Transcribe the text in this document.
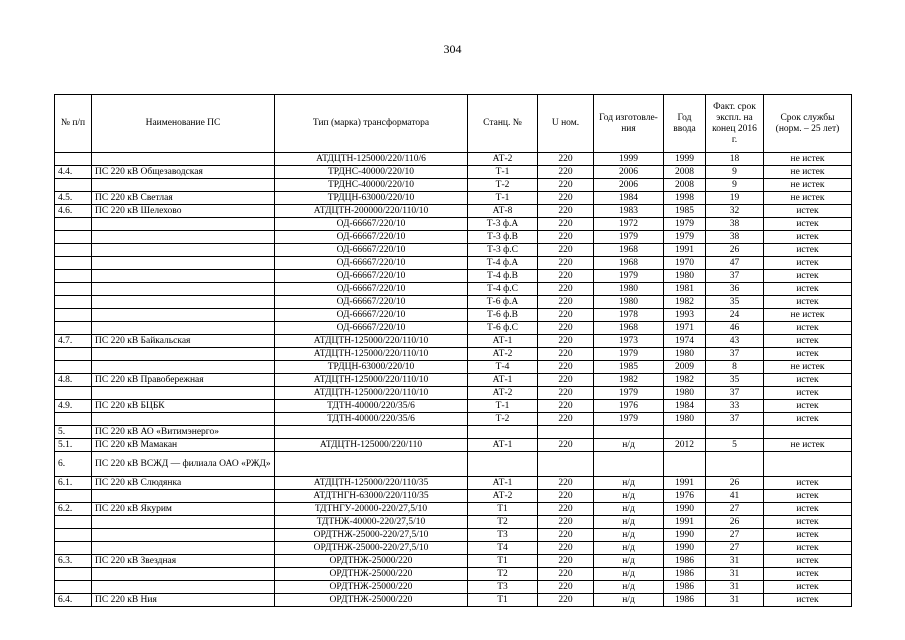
304
№ п/п	Наименование ПС	Тип (марка) трансформатора	Станц. №	U ном.	Год изготовле-ния	Год ввода	Факт. срок экспл. на конец 2016 г.	Срок службы (норм. – 25 лет)
		АТДЦТН-125000/220/110/6	АТ-2	220	1999	1999	18	не истек
4.4.	ПС 220 кВ Общезаводская	ТРДНС-40000/220/10	Т-1	220	2006	2008	9	не истек
		ТРДНС-40000/220/10	Т-2	220	2006	2008	9	не истек
4.5.	ПС 220 кВ Светлая	ТРДЦН-63000/220/10	Т-1	220	1984	1998	19	не истек
4.6.	ПС 220 кВ Шелехово	АТДЦТН-200000/220/110/10	АТ-8	220	1983	1985	32	истек
		ОД-66667/220/10	Т-3 ф.А	220	1972	1979	38	истек
		ОД-66667/220/10	Т-3 ф.В	220	1979	1979	38	истек
		ОД-66667/220/10	Т-3 ф.С	220	1968	1991	26	истек
		ОД-66667/220/10	Т-4 ф.А	220	1968	1970	47	истек
		ОД-66667/220/10	Т-4 ф.В	220	1979	1980	37	истек
		ОД-66667/220/10	Т-4 ф.С	220	1980	1981	36	истек
		ОД-66667/220/10	Т-6 ф.А	220	1980	1982	35	истек
		ОД-66667/220/10	Т-6 ф.В	220	1978	1993	24	не истек
		ОД-66667/220/10	Т-6 ф.С	220	1968	1971	46	истек
4.7.	ПС 220 кВ Байкальская	АТДЦТН-125000/220/110/10	АТ-1	220	1973	1974	43	истек
		АТДЦТН-125000/220/110/10	АТ-2	220	1979	1980	37	истек
		ТРДЦН-63000/220/10	Т-4	220	1985	2009	8	не истек
4.8.	ПС 220 кВ Правобережная	АТДЦТН-125000/220/110/10	АТ-1	220	1982	1982	35	истек
		АТДЦТН-125000/220/110/10	АТ-2	220	1979	1980	37	истек
4.9.	ПС 220 кВ БЦБК	ТДТН-40000/220/35/6	Т-1	220	1976	1984	33	истек
		ТДТН-40000/220/35/6	Т-2	220	1979	1980	37	истек
5.	ПС 220 кВ АО «Витимэнерго»							
5.1.	ПС 220 кВ Мамакан	АТДЦТН-125000/220/110	АТ-1	220	н/д	2012	5	не истек
6.	ПС 220 кВ ВСЖД — филиала ОАО «РЖД»							
6.1.	ПС 220 кВ Слюдянка	АТДЦТН-125000/220/110/35	АТ-1	220	н/д	1991	26	истек
		АТДТНГН-63000/220/110/35	АТ-2	220	н/д	1976	41	истек
6.2.	ПС 220 кВ Якурим	ТДТНГУ-20000-220/27,5/10	Т1	220	н/д	1990	27	истек
		ТДТНЖ-40000-220/27,5/10	Т2	220	н/д	1991	26	истек
		ОРДТНЖ-25000-220/27,5/10	Т3	220	н/д	1990	27	истек
		ОРДТНЖ-25000-220/27,5/10	Т4	220	н/д	1990	27	истек
6.3.	ПС 220 кВ Звездная	ОРДТНЖ-25000/220	Т1	220	н/д	1986	31	истек
		ОРДТНЖ-25000/220	Т2	220	н/д	1986	31	истек
		ОРДТНЖ-25000/220	Т3	220	н/д	1986	31	истек
6.4.	ПС 220 кВ Ния	ОРДТНЖ-25000/220	Т1	220	н/д	1986	31	истек
